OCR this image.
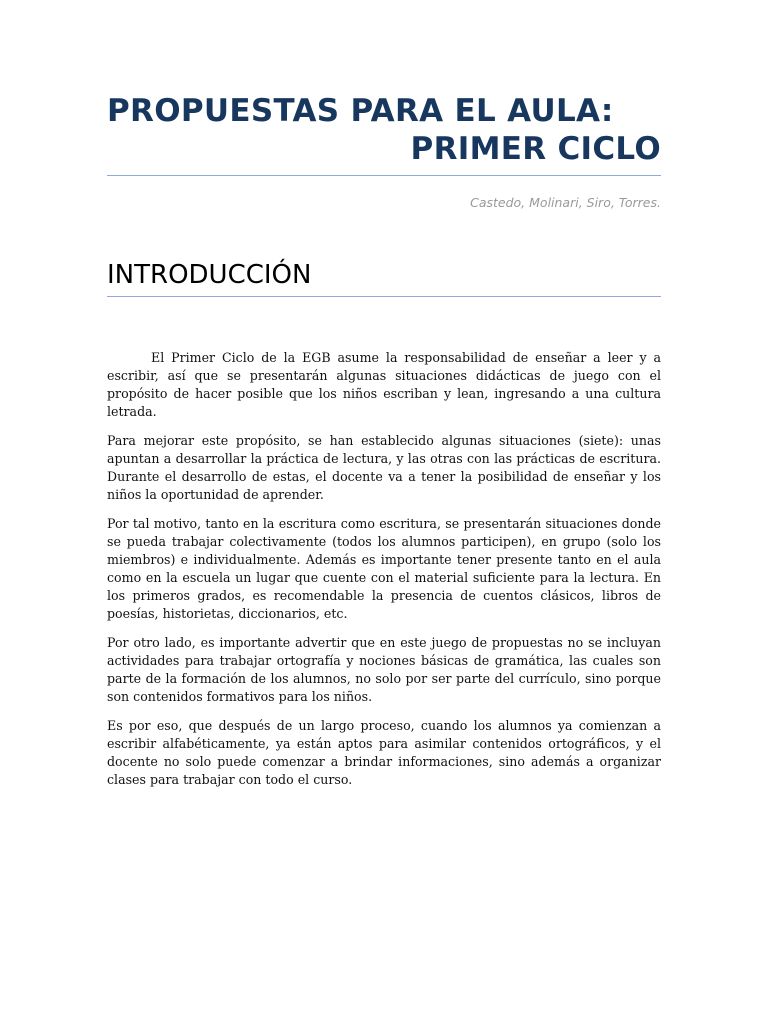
PROPUESTAS PARA EL AULA:
PRIMER CICLO
Castedo, Molinari, Siro, Torres.
INTRODUCCIÓN

El Primer Ciclo de la EGB asume la responsabilidad de enseñar a leer y a escribir, así que se presentarán algunas situaciones didácticas de juego con el propósito de hacer posible que los niños escriban y lean, ingresando a una cultura letrada.

Para mejorar este propósito, se han establecido algunas situaciones (siete): unas apuntan a desarrollar la práctica de lectura, y las otras con las prácticas de escritura. Durante el desarrollo de estas, el docente va a tener la posibilidad de enseñar y los niños la oportunidad de aprender.

Por tal motivo, tanto en la escritura como escritura, se presentarán situaciones donde se pueda trabajar colectivamente (todos los alumnos participen), en grupo (solo los miembros) e individualmente. Además es importante tener presente tanto en el aula como en la escuela un lugar que cuente con el material suficiente para la lectura. En los primeros grados, es recomendable la presencia de cuentos clásicos, libros de poesías, historietas, diccionarios, etc.

Por otro lado, es importante advertir que en este juego de propuestas no se incluyan actividades para trabajar ortografía y nociones básicas de gramática, las cuales son parte de la formación de los alumnos, no solo por ser parte del currículo, sino porque son contenidos formativos para los niños.

Es por eso, que después de un largo proceso, cuando los alumnos ya comienzan a escribir alfabéticamente, ya están aptos para asimilar contenidos ortográficos, y el docente no solo puede comenzar a brindar informaciones, sino además a organizar clases para trabajar con todo el curso.
